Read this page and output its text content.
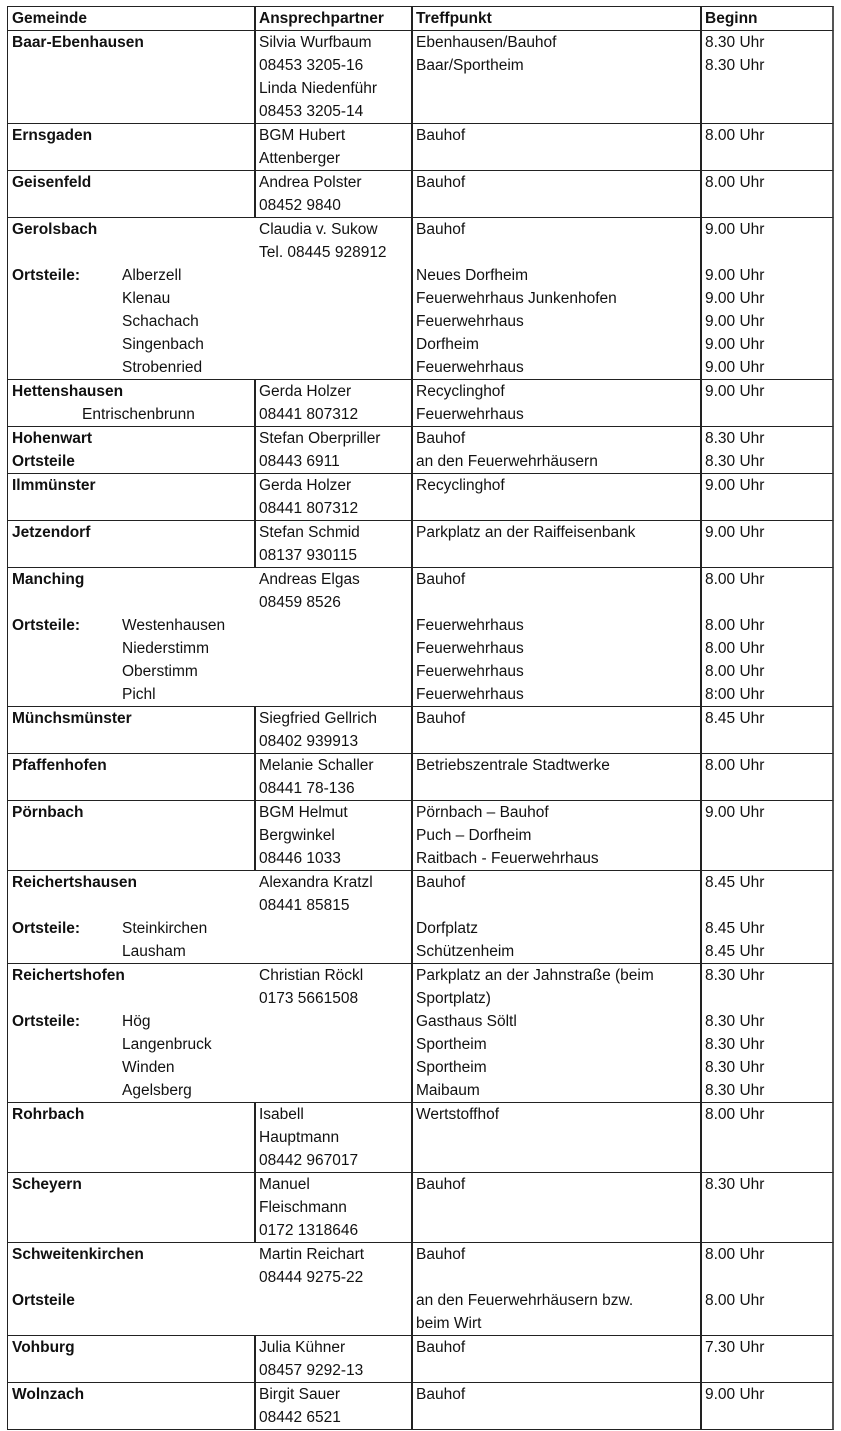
Gemeinde	Ansprechpartner	Treffpunkt	Beginn
Baar-Ebenhausen	Silvia Wurfbaum	Ebenhausen/Bauhof	8.30 Uhr
08453 3205-16	Baar/Sportheim	8.30 Uhr
Linda Niedenführ
08453 3205-14
Ernsgaden	BGM Hubert	Bauhof	8.00 Uhr
Attenberger
Geisenfeld	Andrea Polster	Bauhof	8.00 Uhr
08452 9840
Gerolsbach	Claudia v. Sukow	Bauhof	9.00 Uhr
Tel. 08445 928912
Ortsteile:	Alberzell	Neues Dorfheim	9.00 Uhr
Klenau	Feuerwehrhaus Junkenhofen	9.00 Uhr
Schachach	Feuerwehrhaus	9.00 Uhr
Singenbach	Dorfheim	9.00 Uhr
Strobenried	Feuerwehrhaus	9.00 Uhr
Hettenshausen	Gerda Holzer	Recyclinghof	9.00 Uhr
Entrischenbrunn	08441 807312	Feuerwehrhaus
Hohenwart	Stefan Oberpriller	Bauhof	8.30 Uhr
Ortsteile	08443 6911	an den Feuerwehrhäusern	8.30 Uhr
Ilmmünster	Gerda Holzer	Recyclinghof	9.00 Uhr
08441 807312
Jetzendorf	Stefan Schmid	Parkplatz an der Raiffeisenbank	9.00 Uhr
08137 930115
Manching	Andreas Elgas	Bauhof	8.00 Uhr
08459 8526
Ortsteile:	Westenhausen	Feuerwehrhaus	8.00 Uhr
Niederstimm	Feuerwehrhaus	8.00 Uhr
Oberstimm	Feuerwehrhaus	8.00 Uhr
Pichl	Feuerwehrhaus	8:00 Uhr
Münchsmünster	Siegfried Gellrich	Bauhof	8.45 Uhr
08402 939913
Pfaffenhofen	Melanie Schaller	Betriebszentrale Stadtwerke	8.00 Uhr
08441 78-136
Pörnbach	BGM Helmut	Pörnbach – Bauhof	9.00 Uhr
Bergwinkel	Puch – Dorfheim
08446 1033	Raitbach - Feuerwehrhaus
Reichertshausen	Alexandra Kratzl	Bauhof	8.45 Uhr
08441 85815
Ortsteile:	Steinkirchen	Dorfplatz	8.45 Uhr
Lausham	Schützenheim	8.45 Uhr
Reichertshofen	Christian Röckl	Parkplatz an der Jahnstraße (beim	8.30 Uhr
0173 5661508	Sportplatz)
Ortsteile:	Hög	Gasthaus Söltl	8.30 Uhr
Langenbruck	Sportheim	8.30 Uhr
Winden	Sportheim	8.30 Uhr
Agelsberg	Maibaum	8.30 Uhr
Rohrbach	Isabell	Wertstoffhof	8.00 Uhr
Hauptmann
08442 967017
Scheyern	Manuel	Bauhof	8.30 Uhr
Fleischmann
0172 1318646
Schweitenkirchen	Martin Reichart	Bauhof	8.00 Uhr
08444 9275-22
Ortsteile	an den Feuerwehrhäusern bzw.	8.00 Uhr
beim Wirt
Vohburg	Julia Kühner	Bauhof	7.30 Uhr
08457 9292-13
Wolnzach	Birgit Sauer	Bauhof	9.00 Uhr
08442 6521
